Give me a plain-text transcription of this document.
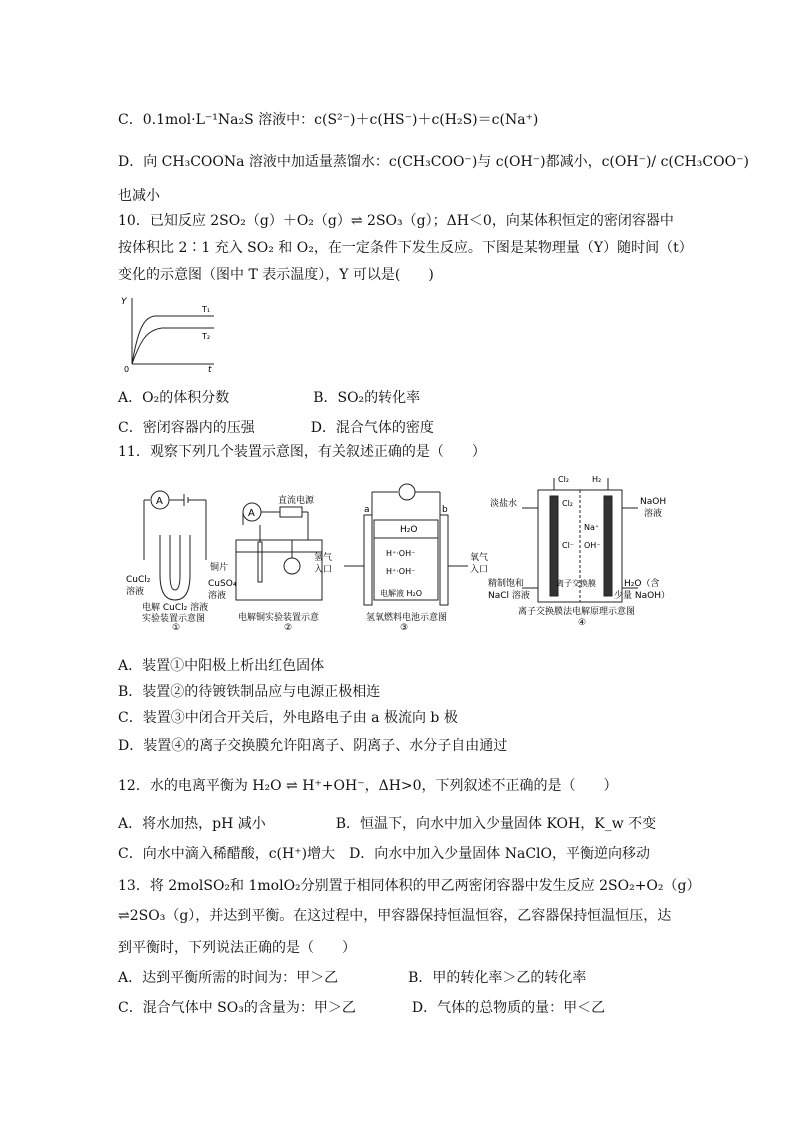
C．0.1mol·L⁻¹Na₂S 溶液中：c(S²⁻)＋c(HS⁻)＋c(H₂S)＝c(Na⁺)
D．向 CH₃COONa 溶液中加适量蒸馏水：c(CH₃COO⁻)与 c(OH⁻)都减小，c(OH⁻)/ c(CH₃COO⁻)
也减小
10．已知反应 2SO₂（g）＋O₂（g）⇌ 2SO₃（g）；ΔH＜0，向某体积恒定的密闭容器中
按体积比 2∶1 充入 SO₂ 和 O₂，在一定条件下发生反应。下图是某物理量（Y）随时间（t）
变化的示意图（图中 T 表示温度），Y 可以是(　　)
Y
t
0
T₁
T₂
A．O₂的体积分数　　　　　　B．SO₂的转化率
C．密闭容器内的压强　　　　D．混合气体的密度
11．观察下列几个装置示意图，有关叙述正确的是（　　）
A
CuCl₂
溶液
电解 CuCl₂ 溶液
实验装置示意图
①
A
直流电源
铜片
CuSO₄
溶液
电解铜实验装置示意
②
a	b
H₂O
H⁺·OH⁻
H⁺·OH⁻
氢气
入口
氧气
入口
电解液 H₂O
氢氧燃料电池示意图
③
淡盐水
Cl₂	H₂
Cl₂
Na⁺
Cl⁻ OH⁻
NaOH
溶液
精制饱和
NaCl 溶液
离子交换膜	H₂O（含
少量 NaOH）
离子交换膜法电解原理示意图
④
A．装置①中阳极上析出红色固体
B．装置②的待镀铁制品应与电源正极相连
C．装置③中闭合开关后，外电路电子由 a 极流向 b 极
D．装置④的离子交换膜允许阳离子、阴离子、水分子自由通过
12．水的电离平衡为 H₂O ⇌ H⁺+OH⁻，ΔH>0，下列叙述不正确的是（　　）
A．将水加热，pH 减小　　　　　B．恒温下，向水中加入少量固体 KOH，K_w 不变
C．向水中滴入稀醋酸，c(H⁺)增大　D．向水中加入少量固体 NaClO，平衡逆向移动
13．将 2molSO₂和 1molO₂分别置于相同体积的甲乙两密闭容器中发生反应 2SO₂+O₂（g）
⇌2SO₃（g），并达到平衡。在这过程中，甲容器保持恒温恒容，乙容器保持恒温恒压，达
到平衡时，下列说法正确的是（　　）
A．达到平衡所需的时间为：甲＞乙　　　　　B．甲的转化率＞乙的转化率
C．混合气体中 SO₃的含量为：甲＞乙　　　　D．气体的总物质的量：甲＜乙
